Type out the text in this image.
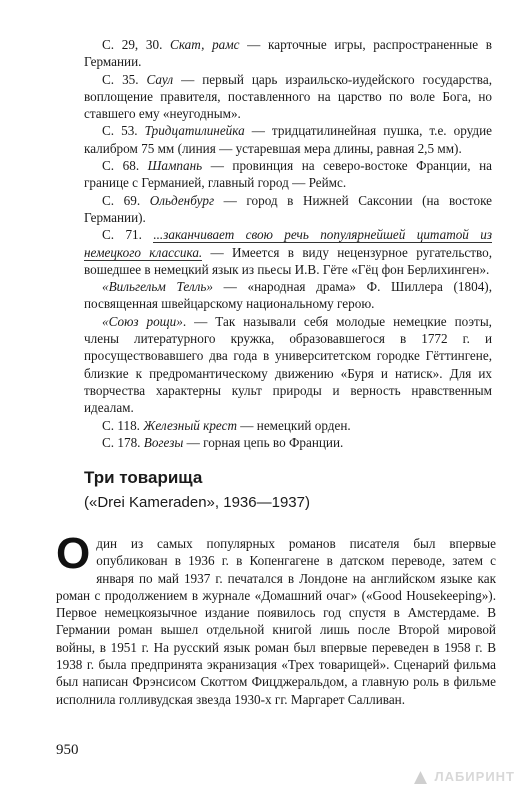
С. 29, 30. Скат, рамс — карточные игры, распространенные в Германии.

С. 35. Саул — первый царь израильско-иудейского государства, воплощение правителя, поставленного на царство по воле Бога, но ставшего ему «неугодным».

С. 53. Тридцатилинейка — тридцатилинейная пушка, т.е. орудие калибром 75 мм (линия — устаревшая мера длины, равная 2,5 мм).

С. 68. Шампань — провинция на северо-востоке Франции, на границе с Германией, главный город — Реймс.

С. 69. Ольденбург — город в Нижней Саксонии (на востоке Германии).

С. 71. ...заканчивает свою речь популярнейшей цитатой из немецкого классика. — Имеется в виду нецензурное ругательство, вошедшее в немецкий язык из пьесы И.В. Гёте «Гёц фон Берлихинген».

«Вильгельм Телль» — «народная драма» Ф. Шиллера (1804), посвященная швейцарскому национальному герою.

«Союз рощи». — Так называли себя молодые немецкие поэты, члены литературного кружка, образовавшегося в 1772 г. и просуществовавшего два года в университетском городке Гёттингене, близкие к предромантическому движению «Буря и натиск». Для их творчества характерны культ природы и верность нравственным идеалам.

С. 118. Железный крест — немецкий орден.

С. 178. Вогезы — горная цепь во Франции.

Три товарища

(«Drei Kameraden», 1936—1937)

Один из самых популярных романов писателя был впервые опубликован в 1936 г. в Копенгагене в датском переводе, затем с января по май 1937 г. печатался в Лондоне на английском языке как роман с продолжением в журнале «Домашний очаг» («Good Housekeeping»). Первое немецкоязычное издание появилось год спустя в Амстердаме. В Германии роман вышел отдельной книгой лишь после Второй мировой войны, в 1951 г. На русский язык роман был впервые переведен в 1958 г. В 1938 г. была предпринята экранизация «Трех товарищей». Сценарий фильма был написан Фрэнсисом Скоттом Фицджеральдом, а главную роль в фильме исполнила голливудская звезда 1930-х гг. Маргарет Салливан.

950
▲ ЛАБИРИНТ
